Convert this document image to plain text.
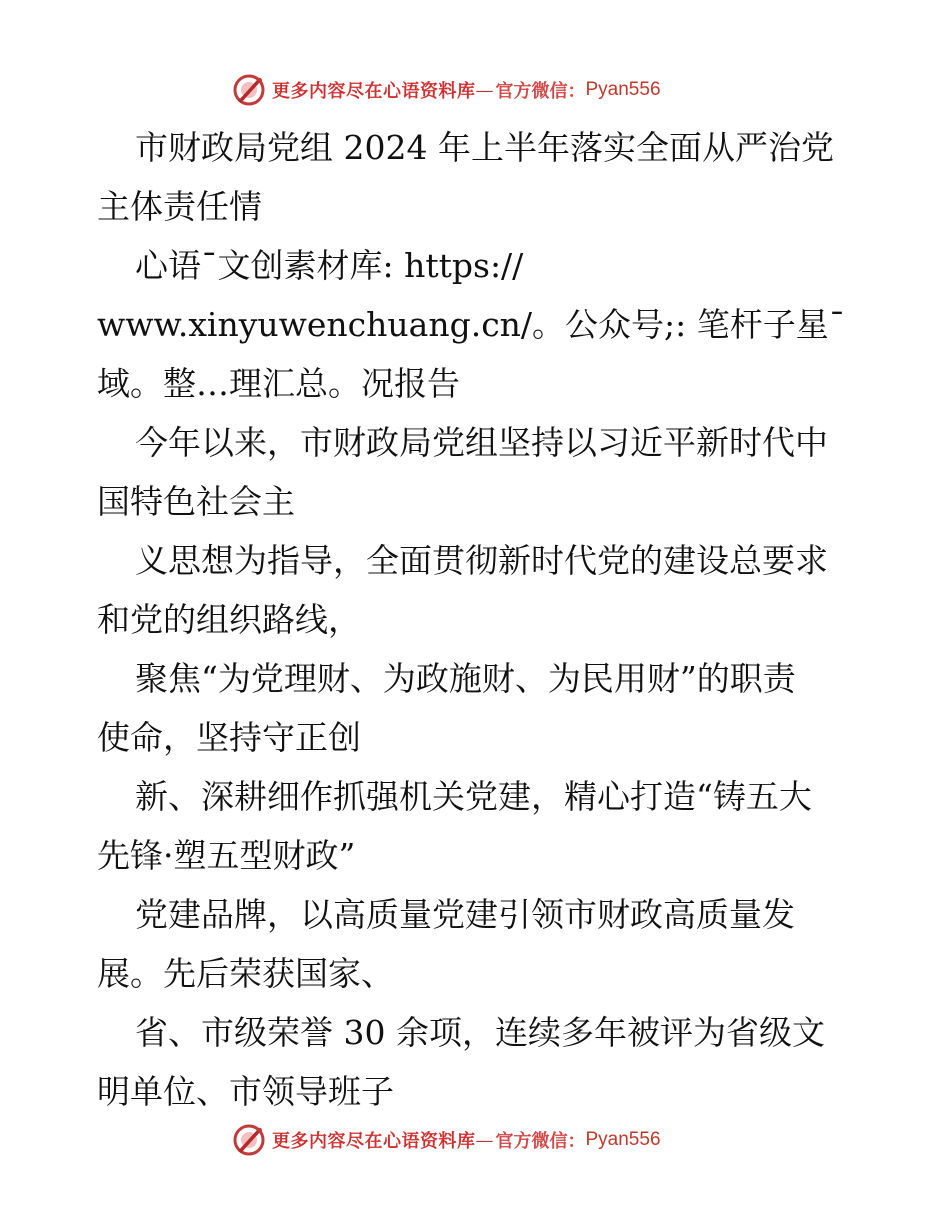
更多内容尽在心语资料库 — 官方微信： Pyan556
市财政局党组 2024 年上半年落实全面从严治党
主体责任情
心语¯文创素材库: https://
www.xinyuwenchuang.cn/。公众号;: 笔杆子星¯
域。整…理汇总。况报告
今年以来，市财政局党组坚持以习近平新时代中
国特色社会主
义思想为指导，全面贯彻新时代党的建设总要求
和党的组织路线，
聚焦“为党理财、为政施财、为民用财”的职责
使命，坚持守正创
新、深耕细作抓强机关党建，精心打造“铸五大
先锋·塑五型财政”
党建品牌，以高质量党建引领市财政高质量发
展。先后荣获国家、
省、市级荣誉 30 余项，连续多年被评为省级文
明单位、市领导班子
更多内容尽在心语资料库 — 官方微信： Pyan556
